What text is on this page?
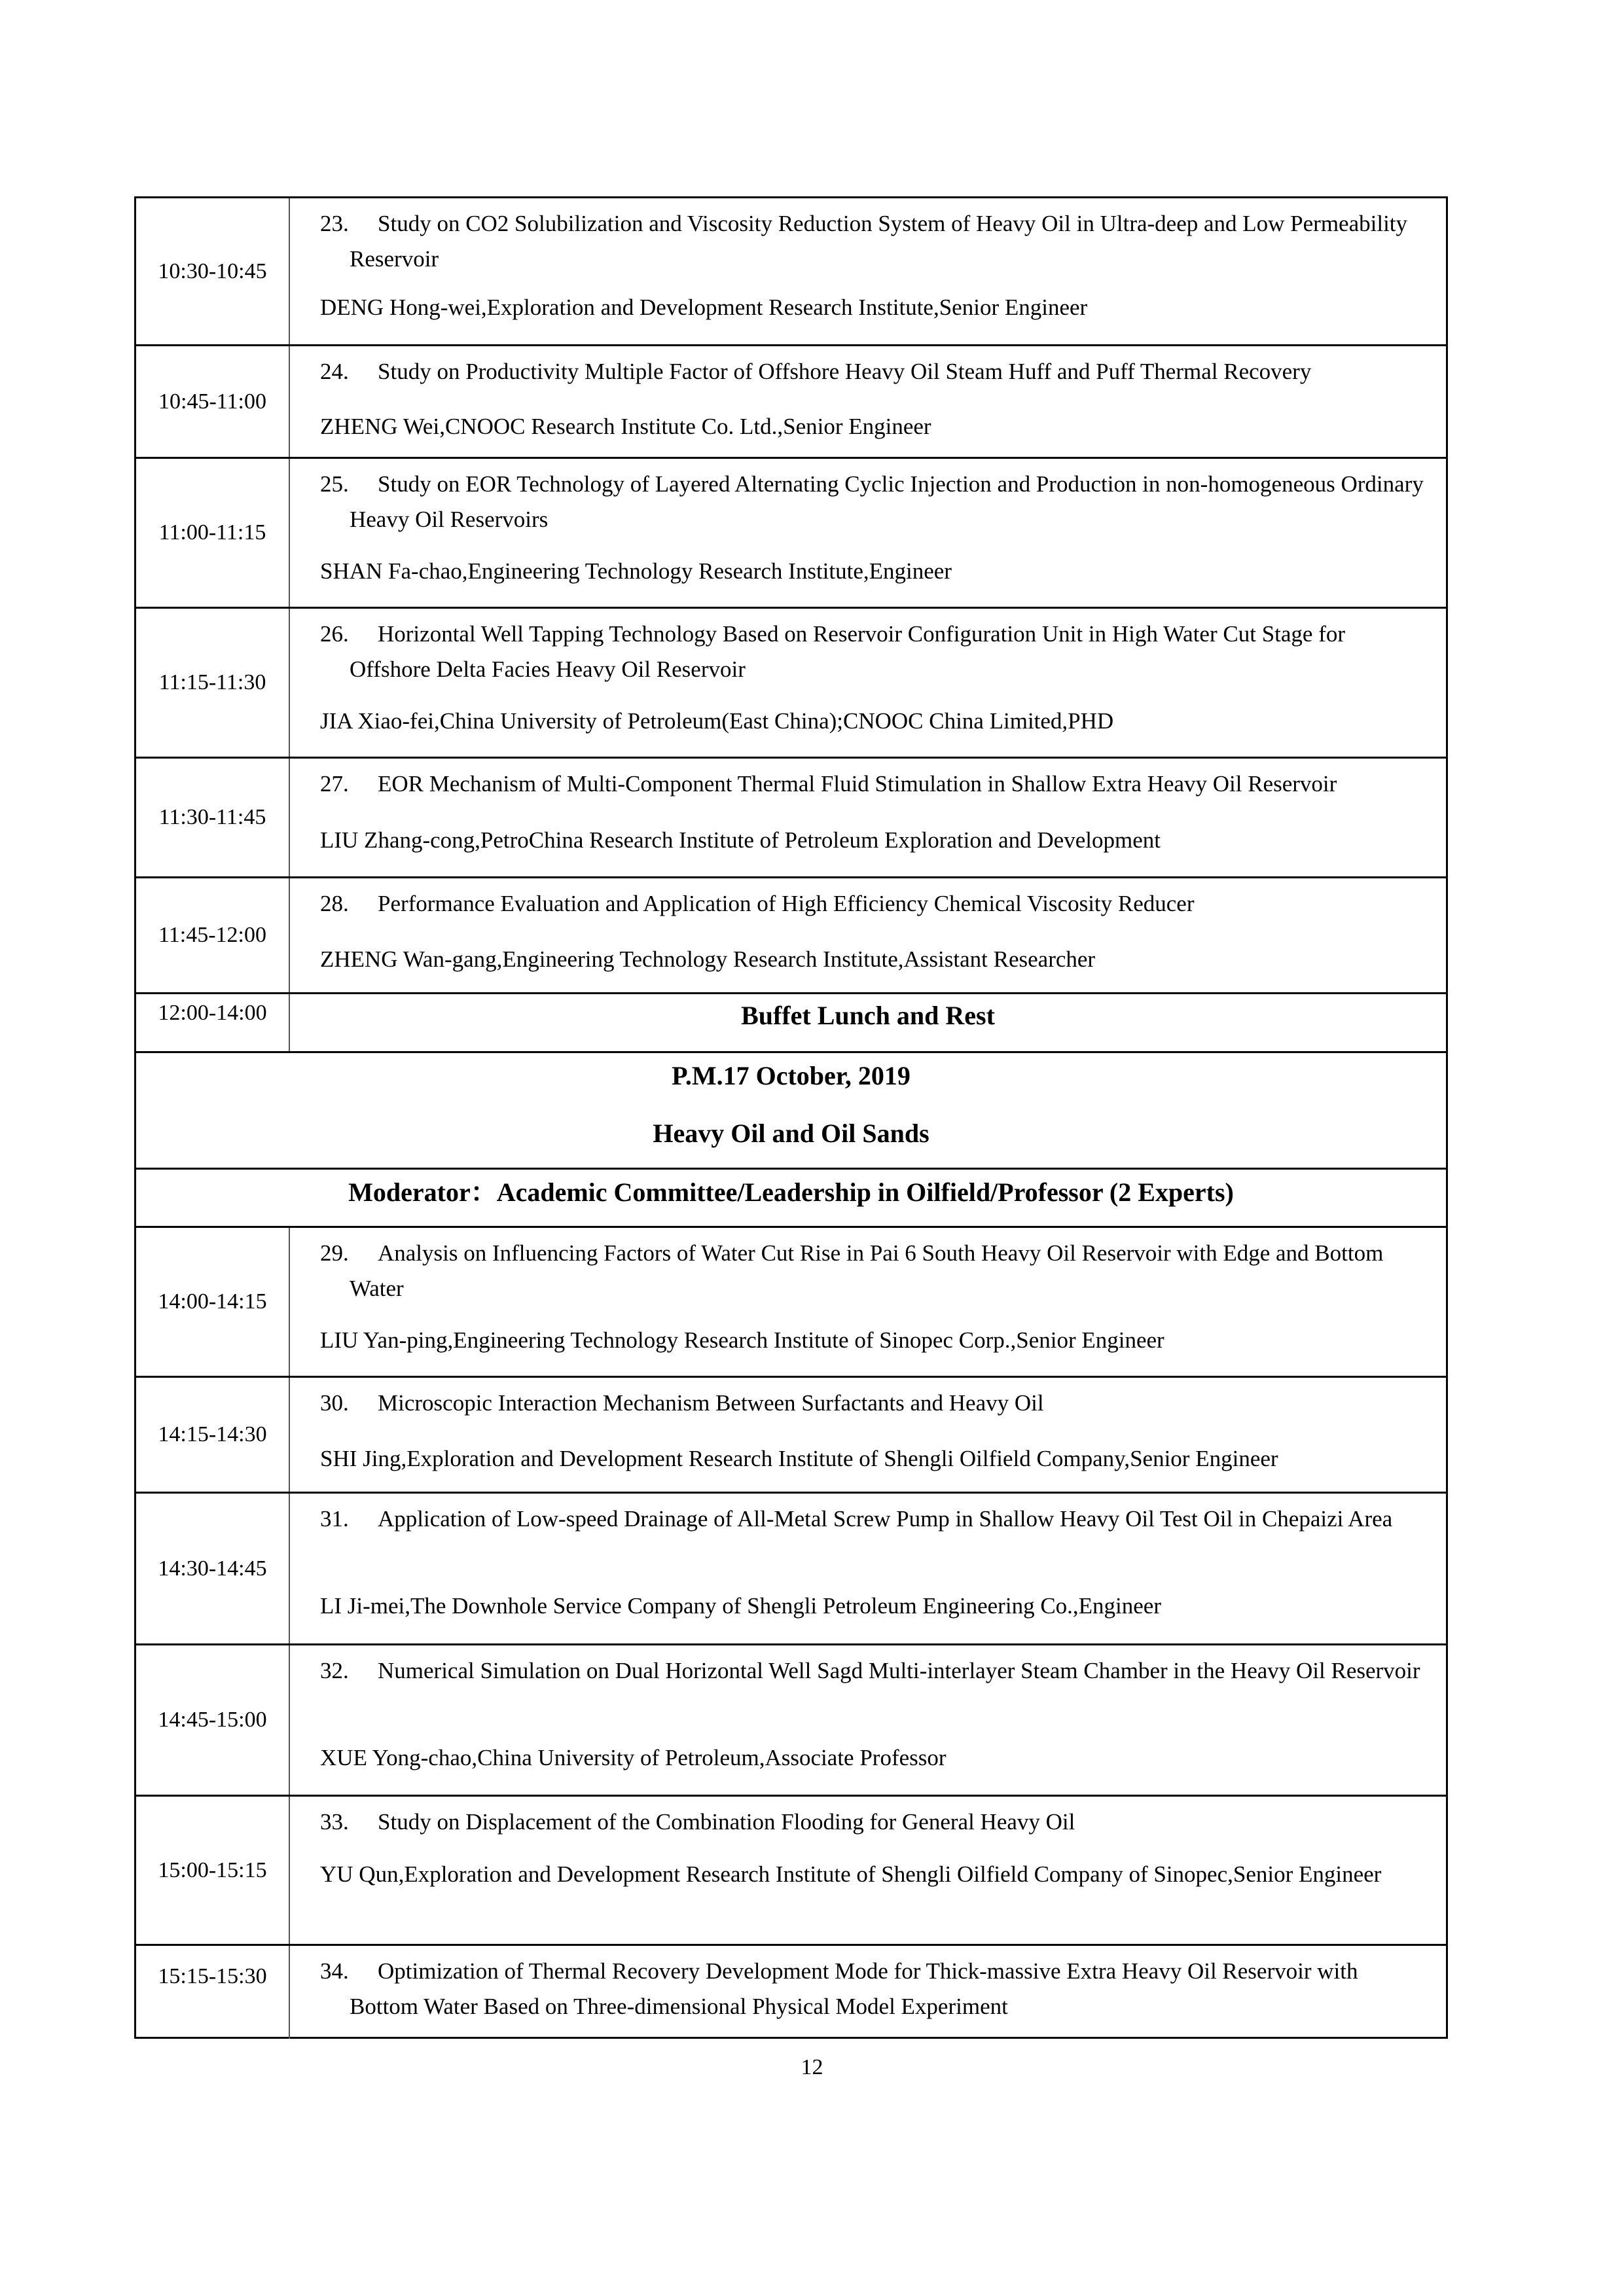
10:30-10:45
23. Study on CO2 Solubilization and Viscosity Reduction System of Heavy Oil in Ultra-deep and Low Permeability Reservoir
DENG Hong-wei,Exploration and Development Research Institute,Senior Engineer
10:45-11:00
24. Study on Productivity Multiple Factor of Offshore Heavy Oil Steam Huff and Puff Thermal Recovery
ZHENG Wei,CNOOC Research Institute Co. Ltd.,Senior Engineer
11:00-11:15
25. Study on EOR Technology of Layered Alternating Cyclic Injection and Production in non-homogeneous Ordinary Heavy Oil Reservoirs
SHAN Fa-chao,Engineering Technology Research Institute,Engineer
11:15-11:30
26. Horizontal Well Tapping Technology Based on Reservoir Configuration Unit in High Water Cut Stage for Offshore Delta Facies Heavy Oil Reservoir
JIA Xiao-fei,China University of Petroleum(East China);CNOOC China Limited,PHD
11:30-11:45
27. EOR Mechanism of Multi-Component Thermal Fluid Stimulation in Shallow Extra Heavy Oil Reservoir
LIU Zhang-cong,PetroChina Research Institute of Petroleum Exploration and Development
11:45-12:00
28. Performance Evaluation and Application of High Efficiency Chemical Viscosity Reducer
ZHENG Wan-gang,Engineering Technology Research Institute,Assistant Researcher
12:00-14:00	Buffet Lunch and Rest
P.M.17 October, 2019
Heavy Oil and Oil Sands
Moderator：Academic Committee/Leadership in Oilfield/Professor (2 Experts)
14:00-14:15
29. Analysis on Influencing Factors of Water Cut Rise in Pai 6 South Heavy Oil Reservoir with Edge and Bottom Water
LIU Yan-ping,Engineering Technology Research Institute of Sinopec Corp.,Senior Engineer
14:15-14:30
30. Microscopic Interaction Mechanism Between Surfactants and Heavy Oil
SHI Jing,Exploration and Development Research Institute of Shengli Oilfield Company,Senior Engineer
14:30-14:45
31. Application of Low-speed Drainage of All-Metal Screw Pump in Shallow Heavy Oil Test Oil in Chepaizi Area
LI Ji-mei,The Downhole Service Company of Shengli Petroleum Engineering Co.,Engineer
14:45-15:00
32. Numerical Simulation on Dual Horizontal Well Sagd Multi-interlayer Steam Chamber in the Heavy Oil Reservoir
XUE Yong-chao,China University of Petroleum,Associate Professor
15:00-15:15
33. Study on Displacement of the Combination Flooding for General Heavy Oil
YU Qun,Exploration and Development Research Institute of Shengli Oilfield Company of Sinopec,Senior Engineer
15:15-15:30	34. Optimization of Thermal Recovery Development Mode for Thick-massive Extra Heavy Oil Reservoir with Bottom Water Based on Three-dimensional Physical Model Experiment
12
